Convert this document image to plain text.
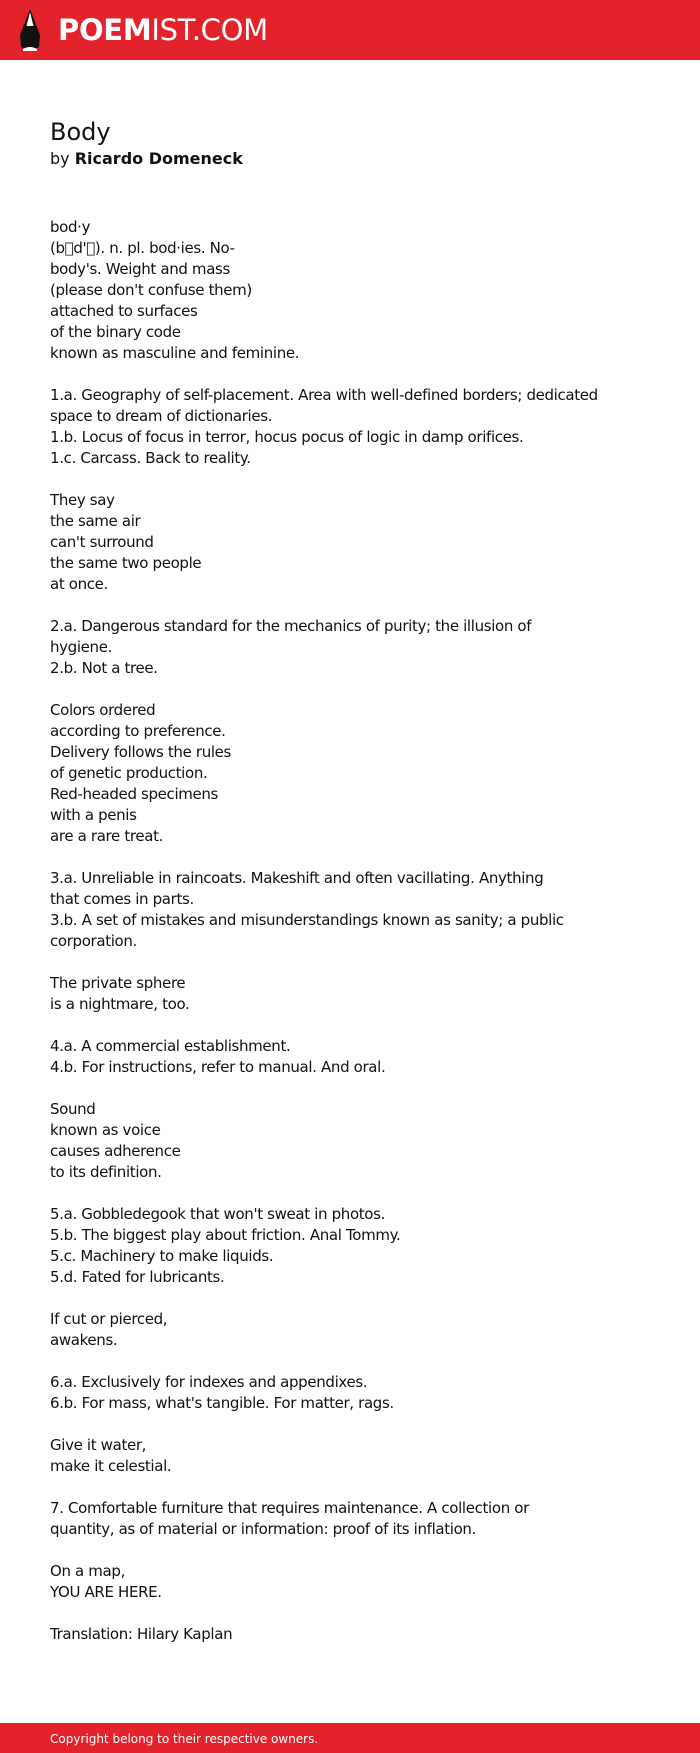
POEMIST.COM
Body
by Ricardo Domeneck
bod·y
(b d' ). n. pl. bod·ies. No-
body's. Weight and mass
(please don't confuse them)
attached to surfaces
of the binary code
known as masculine and feminine.
1.a. Geography of self-placement. Area with well-defined borders; dedicated
space to dream of dictionaries.
1.b. Locus of focus in terror, hocus pocus of logic in damp orifices.
1.c. Carcass. Back to reality.
They say
the same air
can't surround
the same two people
at once.
2.a. Dangerous standard for the mechanics of purity; the illusion of
hygiene.
2.b. Not a tree.
Colors ordered
according to preference.
Delivery follows the rules
of genetic production.
Red-headed specimens
with a penis
are a rare treat.
3.a. Unreliable in raincoats. Makeshift and often vacillating. Anything
that comes in parts.
3.b. A set of mistakes and misunderstandings known as sanity; a public
corporation.
The private sphere
is a nightmare, too.
4.a. A commercial establishment.
4.b. For instructions, refer to manual. And oral.
Sound
known as voice
causes adherence
to its definition.
5.a. Gobbledegook that won't sweat in photos.
5.b. The biggest play about friction. Anal Tommy.
5.c. Machinery to make liquids.
5.d. Fated for lubricants.
If cut or pierced,
awakens.
6.a. Exclusively for indexes and appendixes.
6.b. For mass, what's tangible. For matter, rags.
Give it water,
make it celestial.
7. Comfortable furniture that requires maintenance. A collection or
quantity, as of material or information: proof of its inflation.
On a map,
YOU ARE HERE.
Translation: Hilary Kaplan
Copyright belong to their respective owners.
